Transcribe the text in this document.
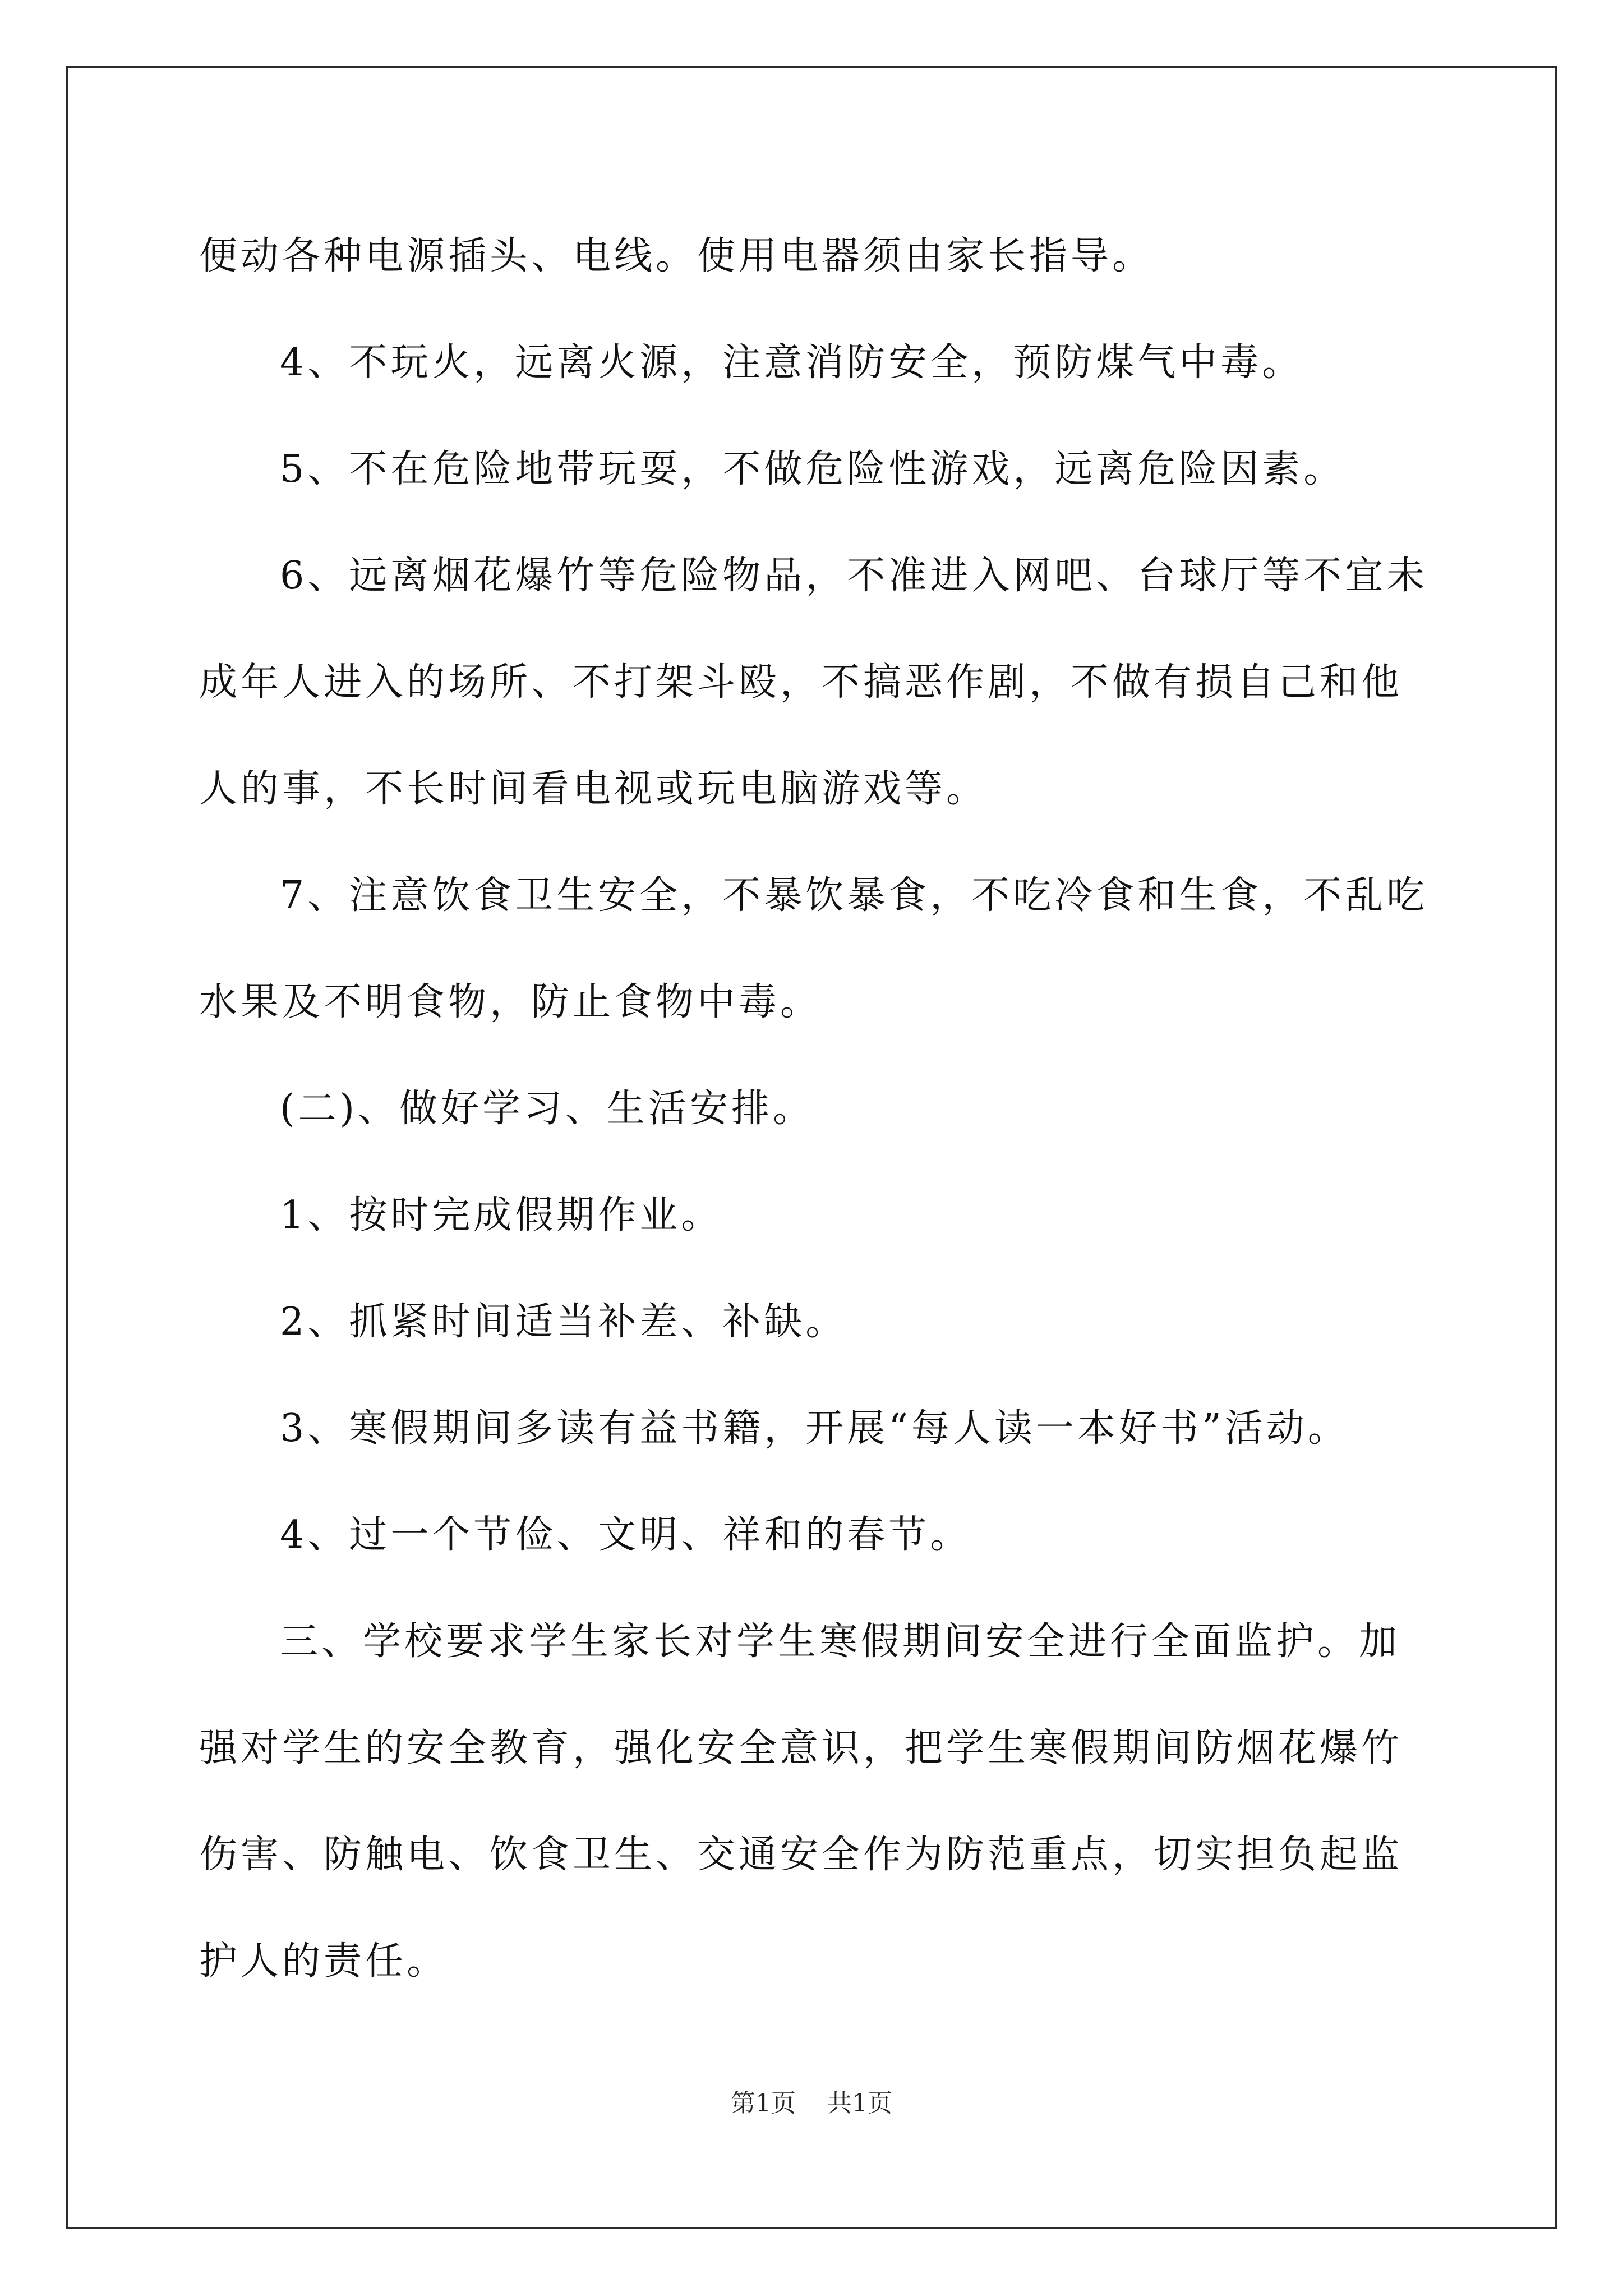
便动各种电源插头、电线。使用电器须由家长指导。

4、不玩火，远离火源，注意消防安全，预防煤气中毒。

5、不在危险地带玩耍，不做危险性游戏，远离危险因素。

6、远离烟花爆竹等危险物品，不准进入网吧、台球厅等不宜未成年人进入的场所、不打架斗殴，不搞恶作剧，不做有损自己和他人的事，不长时间看电视或玩电脑游戏等。

7、注意饮食卫生安全，不暴饮暴食，不吃冷食和生食，不乱吃水果及不明食物，防止食物中毒。

(二)、做好学习、生活安排。

1、按时完成假期作业。

2、抓紧时间适当补差、补缺。

3、寒假期间多读有益书籍，开展“每人读一本好书”活动。

4、过一个节俭、文明、祥和的春节。

三、学校要求学生家长对学生寒假期间安全进行全面监护。加强对学生的安全教育，强化安全意识，把学生寒假期间防烟花爆竹伤害、防触电、饮食卫生、交通安全作为防范重点，切实担负起监护人的责任。

第1页 共1页
